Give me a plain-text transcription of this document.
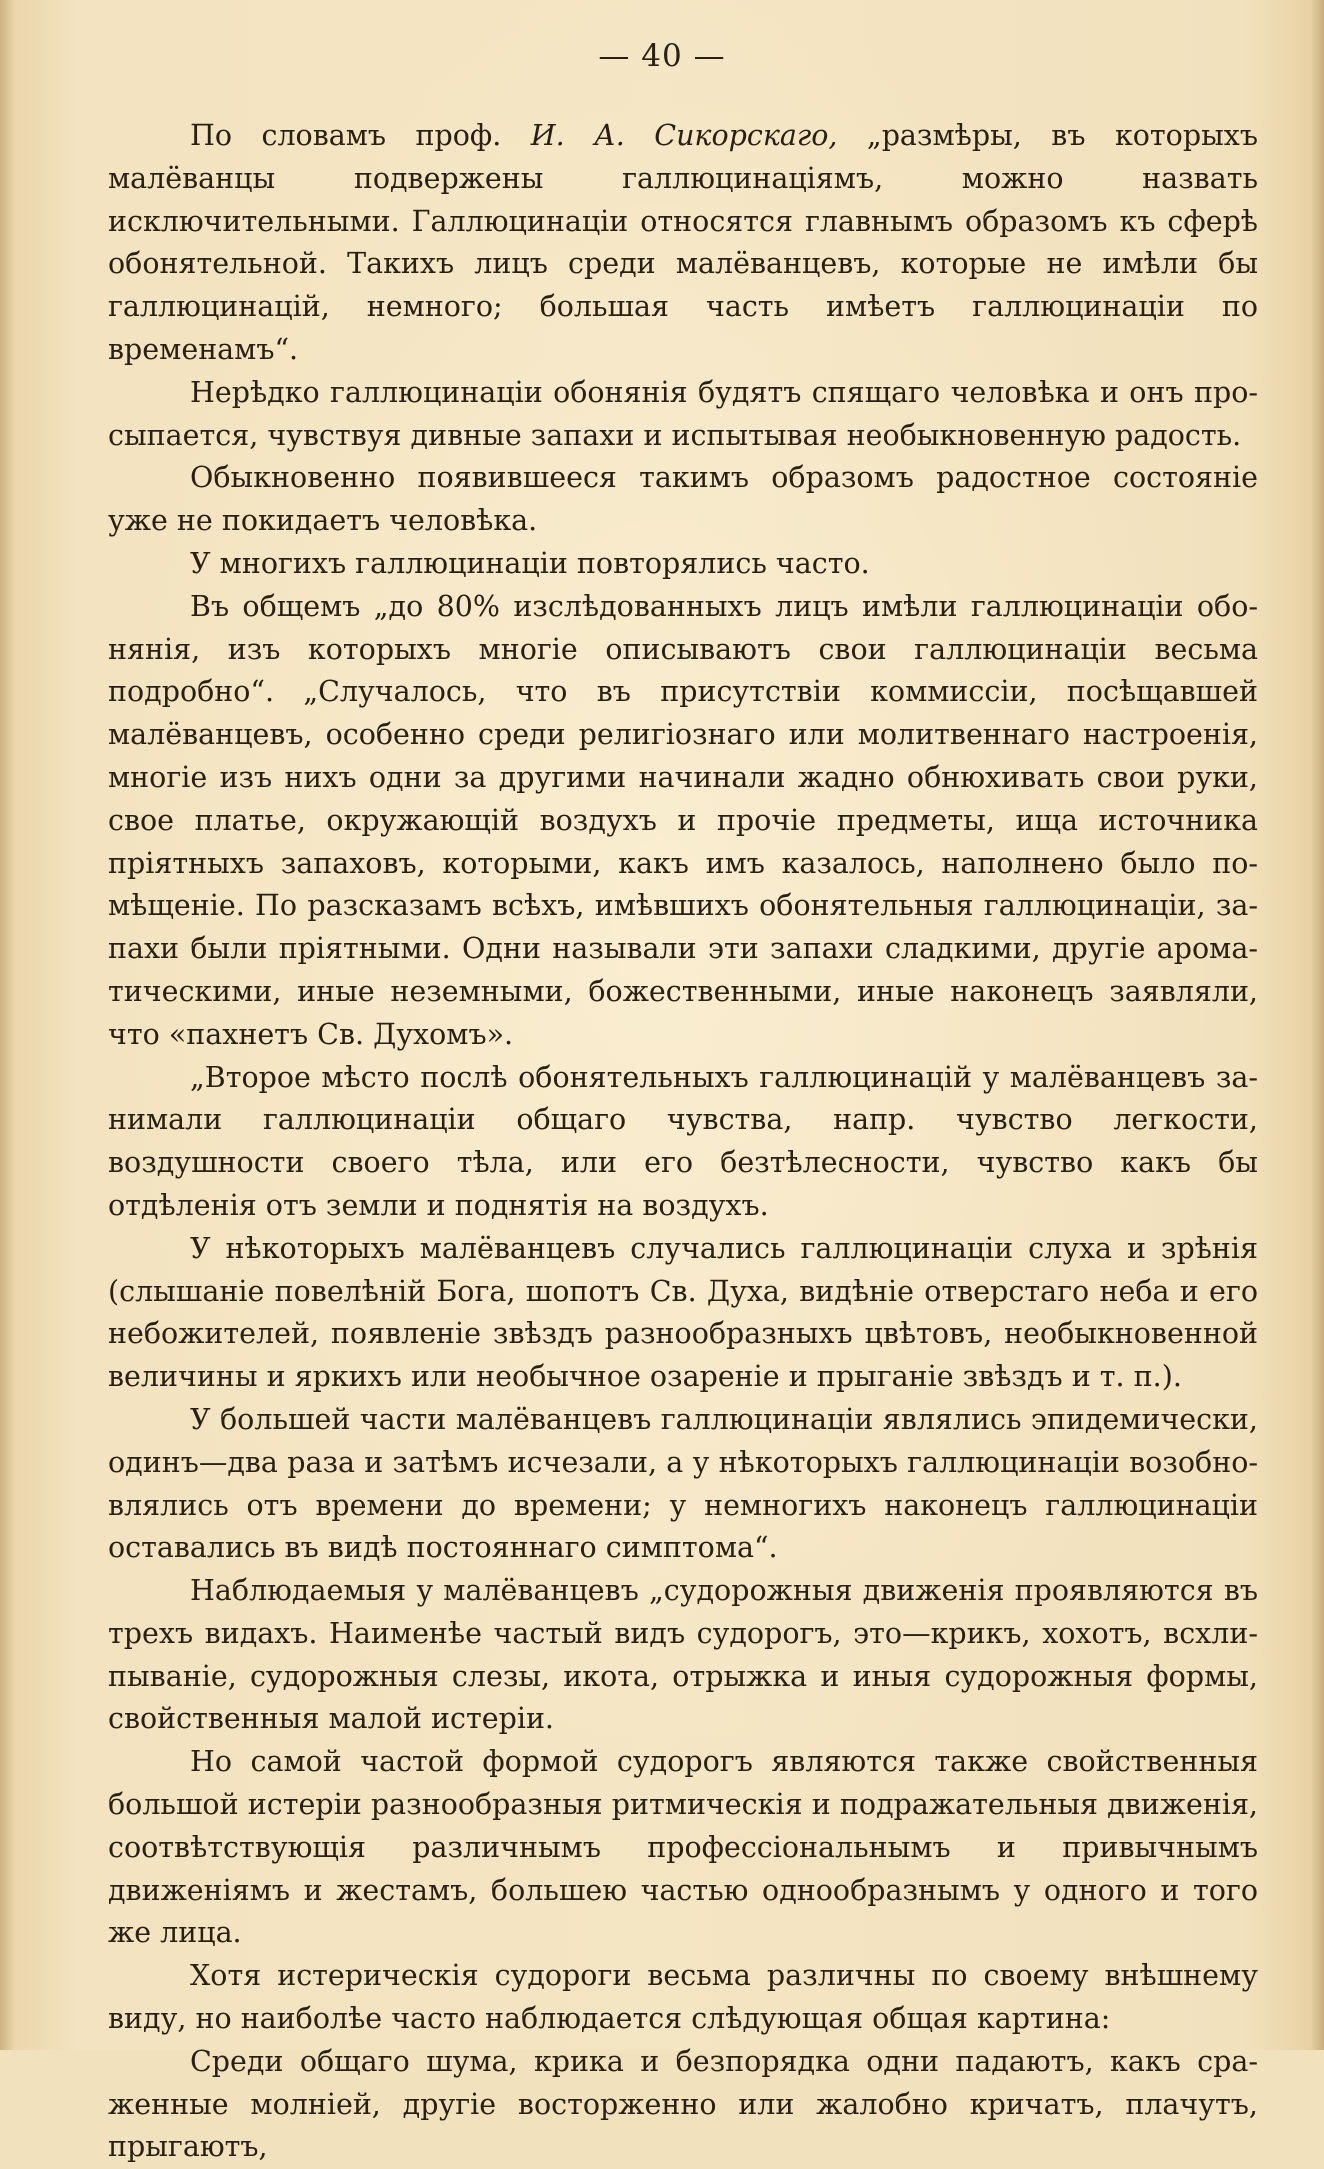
— 40 —

По словамъ проф. И. А. Сикорскаго, „размѣры, въ которыхъ малёванцы подвержены галлюцинаціямъ, можно назвать исключительными. Галлюцинаціи относятся главнымъ образомъ къ сферѣ обонятельной. Такихъ лицъ среди малёванцевъ, которые не имѣли бы галлюцинацій, немного; большая часть имѣетъ галлюцинаціи по временамъ“.

Нерѣдко галлюцинаціи обонянія будятъ спящаго человѣка и онъ просыпается, чувствуя дивные запахи и испытывая необыкновенную радость.

Обыкновенно появившееся такимъ образомъ радостное состояніе уже не покидаетъ человѣка.

У многихъ галлюцинаціи повторялись часто.

Въ общемъ „до 80% изслѣдованныхъ лицъ имѣли галлюцинаціи обонянія, изъ которыхъ многіе описываютъ свои галлюцинаціи весьма подробно“. „Случалось, что въ присутствіи коммиссіи, посѣщавшей малёванцевъ, особенно среди религіознаго или молитвеннаго настроенія, многіе изъ нихъ одни за другими начинали жадно обнюхивать свои руки, свое платье, окружающій воздухъ и прочіе предметы, ища источника пріятныхъ запаховъ, которыми, какъ имъ казалось, наполнено было помѣщеніе. По разсказамъ всѣхъ, имѣвшихъ обонятельныя галлюцинаціи, запахи были пріятными. Одни называли эти запахи сладкими, другіе ароматическими, иные неземными, божественными, иные наконецъ заявляли, что «пахнетъ Св. Духомъ».

„Второе мѣсто послѣ обонятельныхъ галлюцинацій у малёванцевъ занимали галлюцинаціи общаго чувства, напр. чувство легкости, воздушности своего тѣла, или его безтѣлесности, чувство какъ бы отдѣленія отъ земли и поднятія на воздухъ.

У нѣкоторыхъ малёванцевъ случались галлюцинаціи слуха и зрѣнія (слышаніе повелѣній Бога, шопотъ Св. Духа, видѣніе отверстаго неба и его небожителей, появленіе звѣздъ разнообразныхъ цвѣтовъ, необыкновенной величины и яркихъ или необычное озареніе и прыганіе звѣздъ и т. п.).

У большей части малёванцевъ галлюцинаціи являлись эпидемически, одинъ—два раза и затѣмъ исчезали, а у нѣкоторыхъ галлюцинаціи возобновлялись отъ времени до времени; у немногихъ наконецъ галлюцинаціи оставались въ видѣ постояннаго симптома“.

Наблюдаемыя у малёванцевъ „судорожныя движенія проявляются въ трехъ видахъ. Наименѣе частый видъ судорогъ, это—крикъ, хохотъ, всхлипываніе, судорожныя слезы, икота, отрыжка и иныя судорожныя формы, свойственныя малой истеріи.

Но самой частой формой судорогъ являются также свойственныя большой истеріи разнообразныя ритмическія и подражательныя движенія, соотвѣтствующія различнымъ профессіональнымъ и привычнымъ движеніямъ и жестамъ, большею частью однообразнымъ у одного и того же лица.

Хотя истерическія судороги весьма различны по своему внѣшнему виду, но наиболѣе часто наблюдается слѣдующая общая картина:

Среди общаго шума, крика и безпорядка одни падаютъ, какъ сраженные молніей, другіе восторженно или жалобно кричатъ, плачутъ, прыгаютъ,
